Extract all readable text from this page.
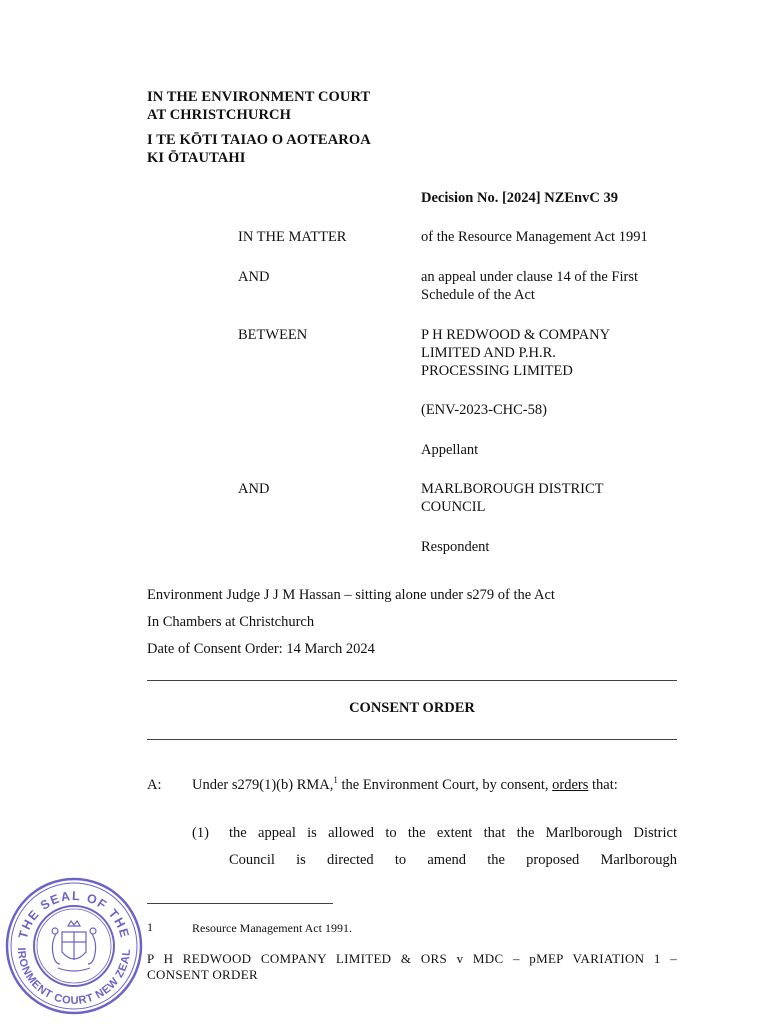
IN THE ENVIRONMENT COURT
AT CHRISTCHURCH
I TE KŌTI TAIAO O AOTEAROA
KI ŌTAUTAHI
Decision No. [2024] NZEnvC 39
IN THE MATTER	of the Resource Management Act 1991
AND	an appeal under clause 14 of the First
Schedule of the Act
BETWEEN	P H REDWOOD & COMPANY
LIMITED AND P.H.R.
PROCESSING LIMITED
(ENV-2023-CHC-58)
Appellant
AND	MARLBOROUGH DISTRICT
COUNCIL
Respondent
Environment Judge J J M Hassan – sitting alone under s279 of the Act
In Chambers at Christchurch
Date of Consent Order: 14 March 2024
CONSENT ORDER
A: Under s279(1)(b) RMA,$^1$ the Environment Court, by consent, orders that:
(1) the appeal is allowed to the extent that the Marlborough District
Council is directed to amend the proposed Marlborough
1	Resource Management Act 1991.
P H REDWOOD COMPANY LIMITED & ORS v MDC – pMEP VARIATION 1 –
CONSENT ORDER
THE SEAL OF THE
IRONMENT COURT NEW ZEAL
